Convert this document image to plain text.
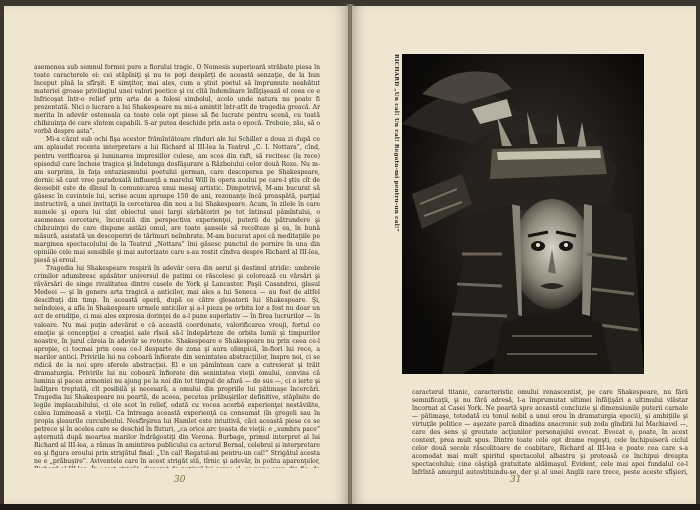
asemenea sub semnul formei pure a fiorului tragic. O Nemesis superioară străbate piesa în toate caracterele ei: cei stăpîniţi şi nu te poţi despărţi de această senzaţie, de la bun început pînă la sfîrşit. E simţitor, mai ales, cum a ştiut poetul să împrumute neabătut materiei groase privilegiul unei valori poetice şi cu cîtă îndemînare înfăţişează el ceea ce e înfricoşat într-o relief prin arta de a folosi simbolul, acolo unde natura nu poate fi prezentată. Nici o lucrare a lui Shakespeare nu mi-a amintit într-atît de tragedia greacă. Ar merita în adevăr osteneala ca toate cele opt piese să fie lucrate pentru scenă, cu toată chibzuinţa de care sîntem capabili. S-ar putea deschide prin asta o epocă. Trebuie, zău, să o vorbă despre asta”.

Mi-a căzut sub ochi fişa acestor frămîntătoare rînduri ale lui Schiller a doua zi după ce am aplaudat recenta interpretare a lui Richard al III-lea la Teatrul „C. I. Nottara”, cînd, pentru verificarea şi luminarea impresiilor culese, am scos din raft, să recitesc (la rece) episodul care încheie tragica şi îndelunga desfăşurare a Războiului celor două Roze. Nu m-am surprins, în faţa entuziasmului poetului german, care descoperea pe Shakespeare, dornic să caut vreo paradoxală influenţă a marelui Will în opera acelui pe care-l ştiu cît de deosebit este de dînsul în comunicarea unui mesaj artistic. Dimpotrivă, M-am bucurat să găsesc în cuvintele lui, scrise acum aproape 150 de ani, rezonanţe încă proaspătă, parţial instructivă, a unei invitaţii la cercetarea din nou a lui Shakespeare. Acum, în zilele în care numele şi opera lui sînt obiectul unei largi sărbătoriri pe tot întinsul pămîntului, o asemenea cercetare, încurcată din perspectiva experienţei, puterii de pătrundere şi chibzuinţei de care dispune astăzi omul, are toate şansele să recolteze şi ea, în bună măsură, asistată un descoperiri de tărîmuri neîmbrate. M-am bucurat apoi că meditaţiile pe marginea spectacolului de la Teatrul „Nottara” îmi găsesc punctul de pornire în una din opiniile cele mai sensibile şi mai autorizate care s-au rostit cîndva despre Richard al III-lea, piesă şi eroul.

Tragedia lui Shakespeare respiră în adevăr ceva din aerul şi destinul atridic: umbrele crimilor adumbresc apăsător universul de patimi ce răscolesc şi colorează cu vărsări şi răvărsări de singe rivalitatea dintre casele de York şi Lancaster. Paşii Casandrei, glasul Medeei — şi în genere arta tragică a anticilor, mai ales a lui Seneca — au fost de altfel descifraţi din timp. În această operă, după ce către glosatorii lui Shakespeare. Şi, neîndoios, a afla în Shakespeare urmele anticilor şi a-l pieza pe orbita lor a fost nu doar un act de erudiţie, ci mai ales expresia dorinţei de a-l pune superlativ — în firea lucrurilor — în valoare. Nu mai puţin adevărat e că această coordonate, valorificarea vreuji, fortul co emoţie şi concepţiei a creaţiei sale rîscă să-l îndepărteze de orbita lumii şi timpurilor noastre, în jurul căreia în adevăr se rotește. Shakespeare e Shakespeare nu prin ceea ce-l apropie, ci tocmai prin ceea ce-l desparte de zona şi aura olimpică, în-fiori lui rece, a marilor antici. Privirile lui nu coboară înfiorate din senintatea abstracţiilor, înspre noi, ci se ridică de la noi spre sferele abstracţiei. El e un pămîntean care a cutreierat şi trăit dramaturgia. Privirile lui nu coboară înfiorate din senintatea vieţii omului, convins că lumina şi pacea armoniei nu ajung pe la noi din tot timpul de afară — de sus —, ci o ierte şi înălţare treptată, cît posibilă şi necesară, a omului din propriile lui pătimaşe încercări. Tragedia lui Shakespeare nu poartă, de aceea, pecetea prăbuşirilor definitive, stăpînite de legile implacabilului, ci ele scot în relief, odată cu vocea acerbă experienţei nestăvilite, calea luminoasă a vieţii. Ca întreaga această experienţă ca consumat (în gregeli sau în propia şleaurile curcubeului. Nesfîrşirea lui Hamlet este intuitivă, căci această piese ce se petrece şi în acelea care se deschid în fluturi, „ca orice arc ţeasta de vieţii: e „sumbra pace” aşternută după moartea marilor îndrăgostiţi din Verona. Burbage, primul interpret al lui Richard al III-lea, a rămas în amintirea publicului ca actorul Bernal, celebrul și interpretare ea şi figura eroului prin strigătul final: „Un cal! Regatul-mi pentru-un cal!” Strigătul acesta ne e „prăbuşire”. Aviventele care în acest strigăt stă, tîrnic şi adevăr, în polita aparenţelor,

30
RICHARD „Un cal! Un cal! Regatu-mi pentru-un cal!”

caracterul titanic, caracteristic omului renascentist, pe care Shakespeare, nu fără semnificaţii, şi nu fără adresă, l-a împrumutat ultimei înfăţişări a ultimului vlăstar încornat al Casei York. Ne poartă spre această concluzie şi dimensiunile puterii carnale — pătimaşe, totodată cu tonul nobil a unui erou în dramaturgia epocii), şi ambiţiile şi virtuţile politice — aşezate parcă dinadins anacronic sub zoda gîndirii lui Machiavel —, care des sens şi greutate acţiunilor personajului evocat. Evocat e, poate, în acest context, prea mult spus. Dintre toate cele opt drame regeşti, cele închipuiseră ciclul celor două secole răscolitoare de coabitare, Richard al III-lea e poate cea care s-a acomodat mai mult spiritul spectacolul albastru şi protoasă ce închipui dreapta spectacolului; cine câştigă gratuitate aldămaşul. Evident, cele mai apoi fundalul ce-l înfrîntă amurgul autostituindu-se, der şi al unei Anglii care trece, peste aceste sfîşieri,

31
